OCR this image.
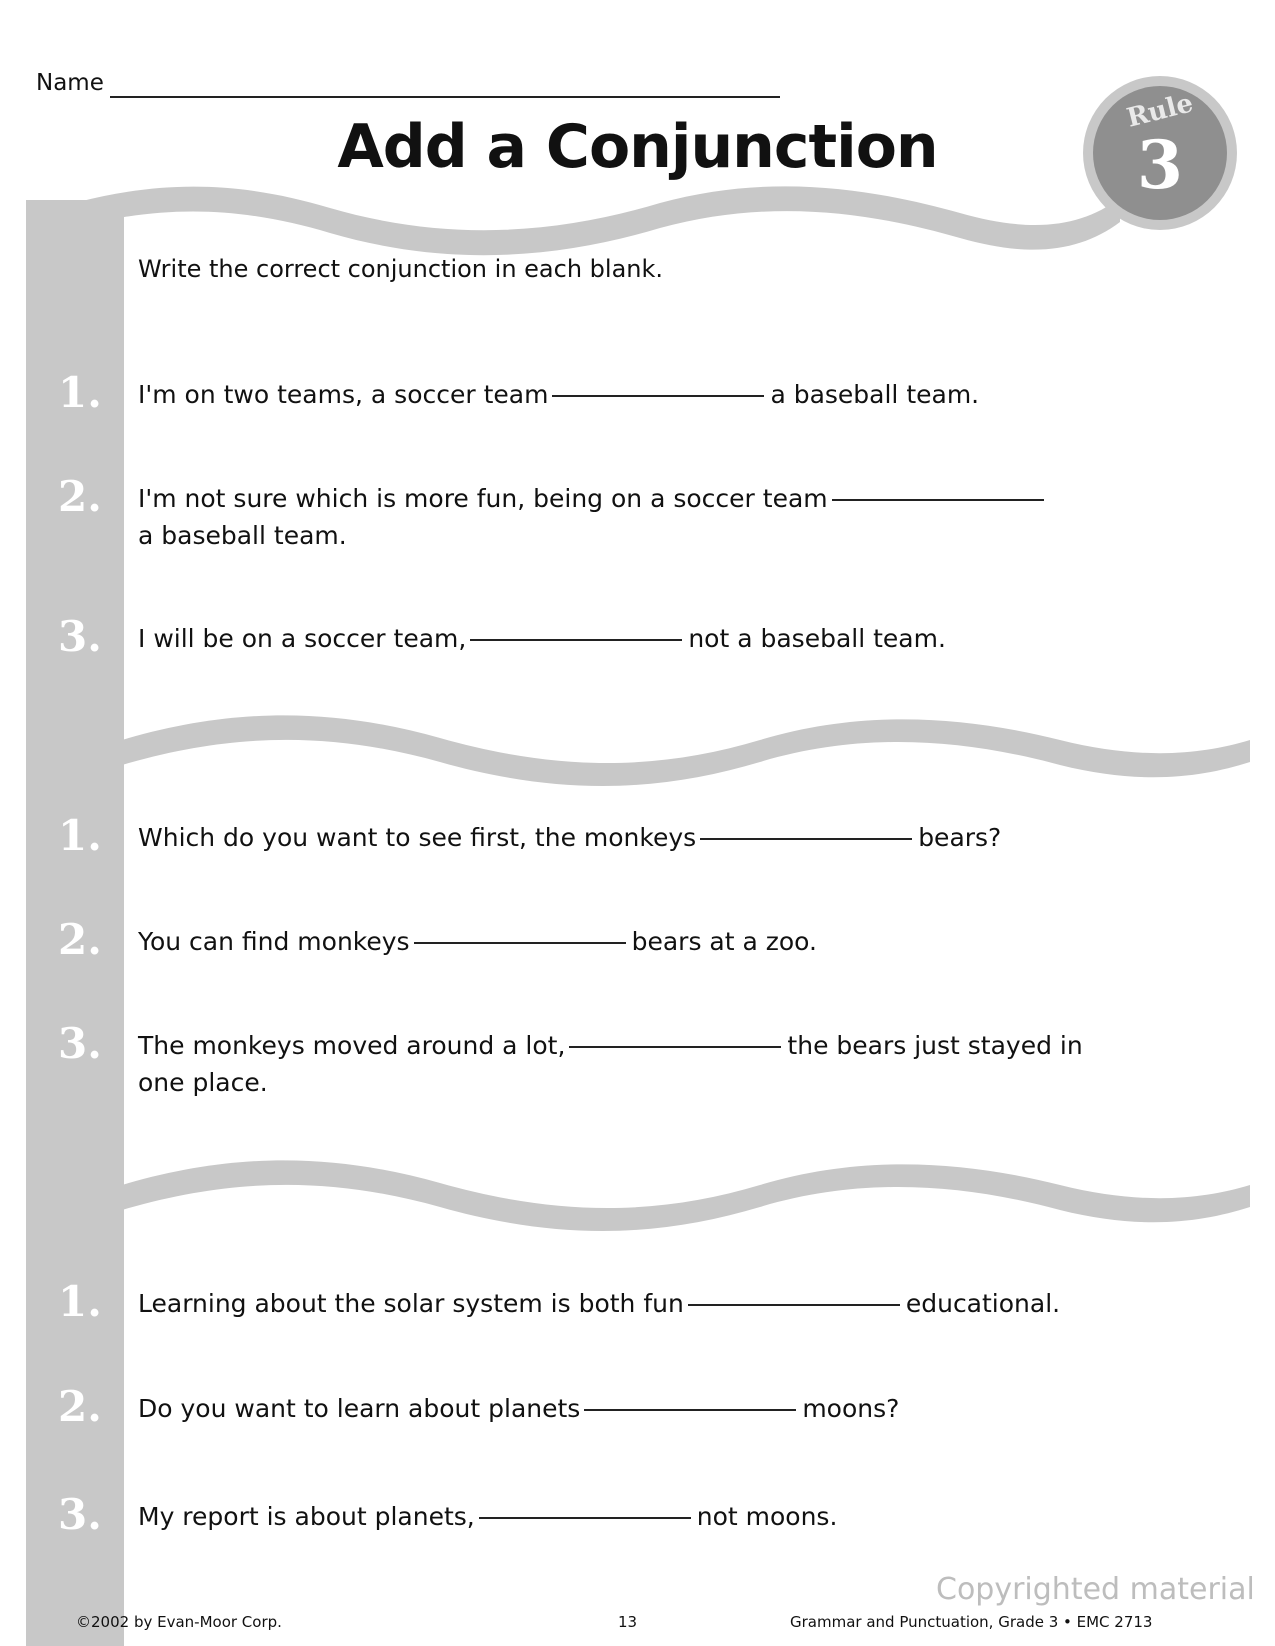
Name
Add a Conjunction
Rule
3
Write the correct conjunction in each blank.
1.	I'm on two teams, a soccer team	a baseball team.
2.	I'm not sure which is more fun, being on a soccer team
a baseball team.
3.	I will be on a soccer team,	not a baseball team.
1.	Which do you want to see first, the monkeys	bears?
2.	You can find monkeys	bears at a zoo.
3.	The monkeys moved around a lot,	the bears just stayed in
one place.
1.	Learning about the solar system is both fun	educational.
2.	Do you want to learn about planets	moons?
3.	My report is about planets,	not moons.
Copyrighted material
©2002 by Evan-Moor Corp.	13	Grammar and Punctuation, Grade 3 • EMC 2713
